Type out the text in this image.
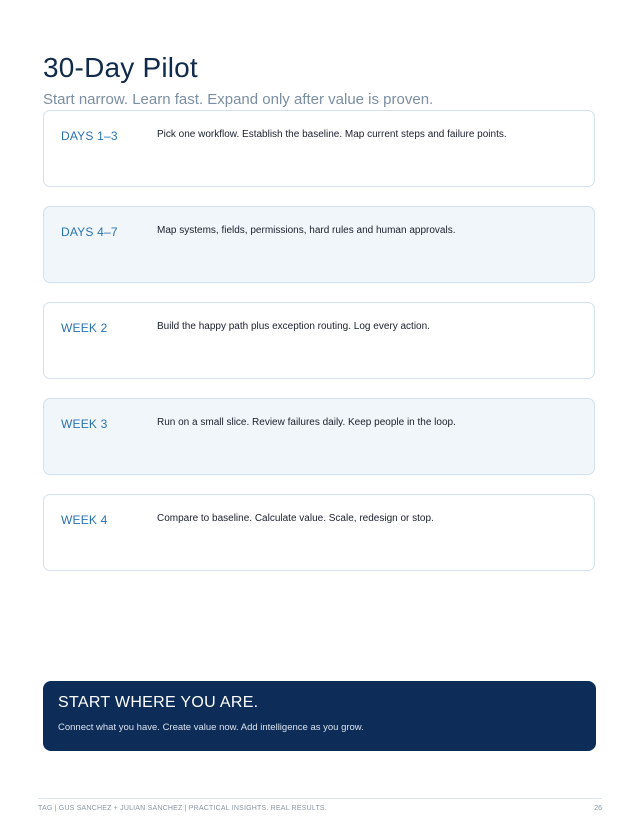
30-Day Pilot

Start narrow. Learn fast. Expand only after value is proven.

DAYS 1–3	Pick one workflow. Establish the baseline. Map current steps and failure points.
DAYS 4–7	Map systems, fields, permissions, hard rules and human approvals.
WEEK 2	Build the happy path plus exception routing. Log every action.
WEEK 3	Run on a small slice. Review failures daily. Keep people in the loop.
WEEK 4	Compare to baseline. Calculate value. Scale, redesign or stop.
START WHERE YOU ARE.
Connect what you have. Create value now. Add intelligence as you grow.
TAG | GUS SANCHEZ + JULIAN SANCHEZ | PRACTICAL INSIGHTS. REAL RESULTS.	26
